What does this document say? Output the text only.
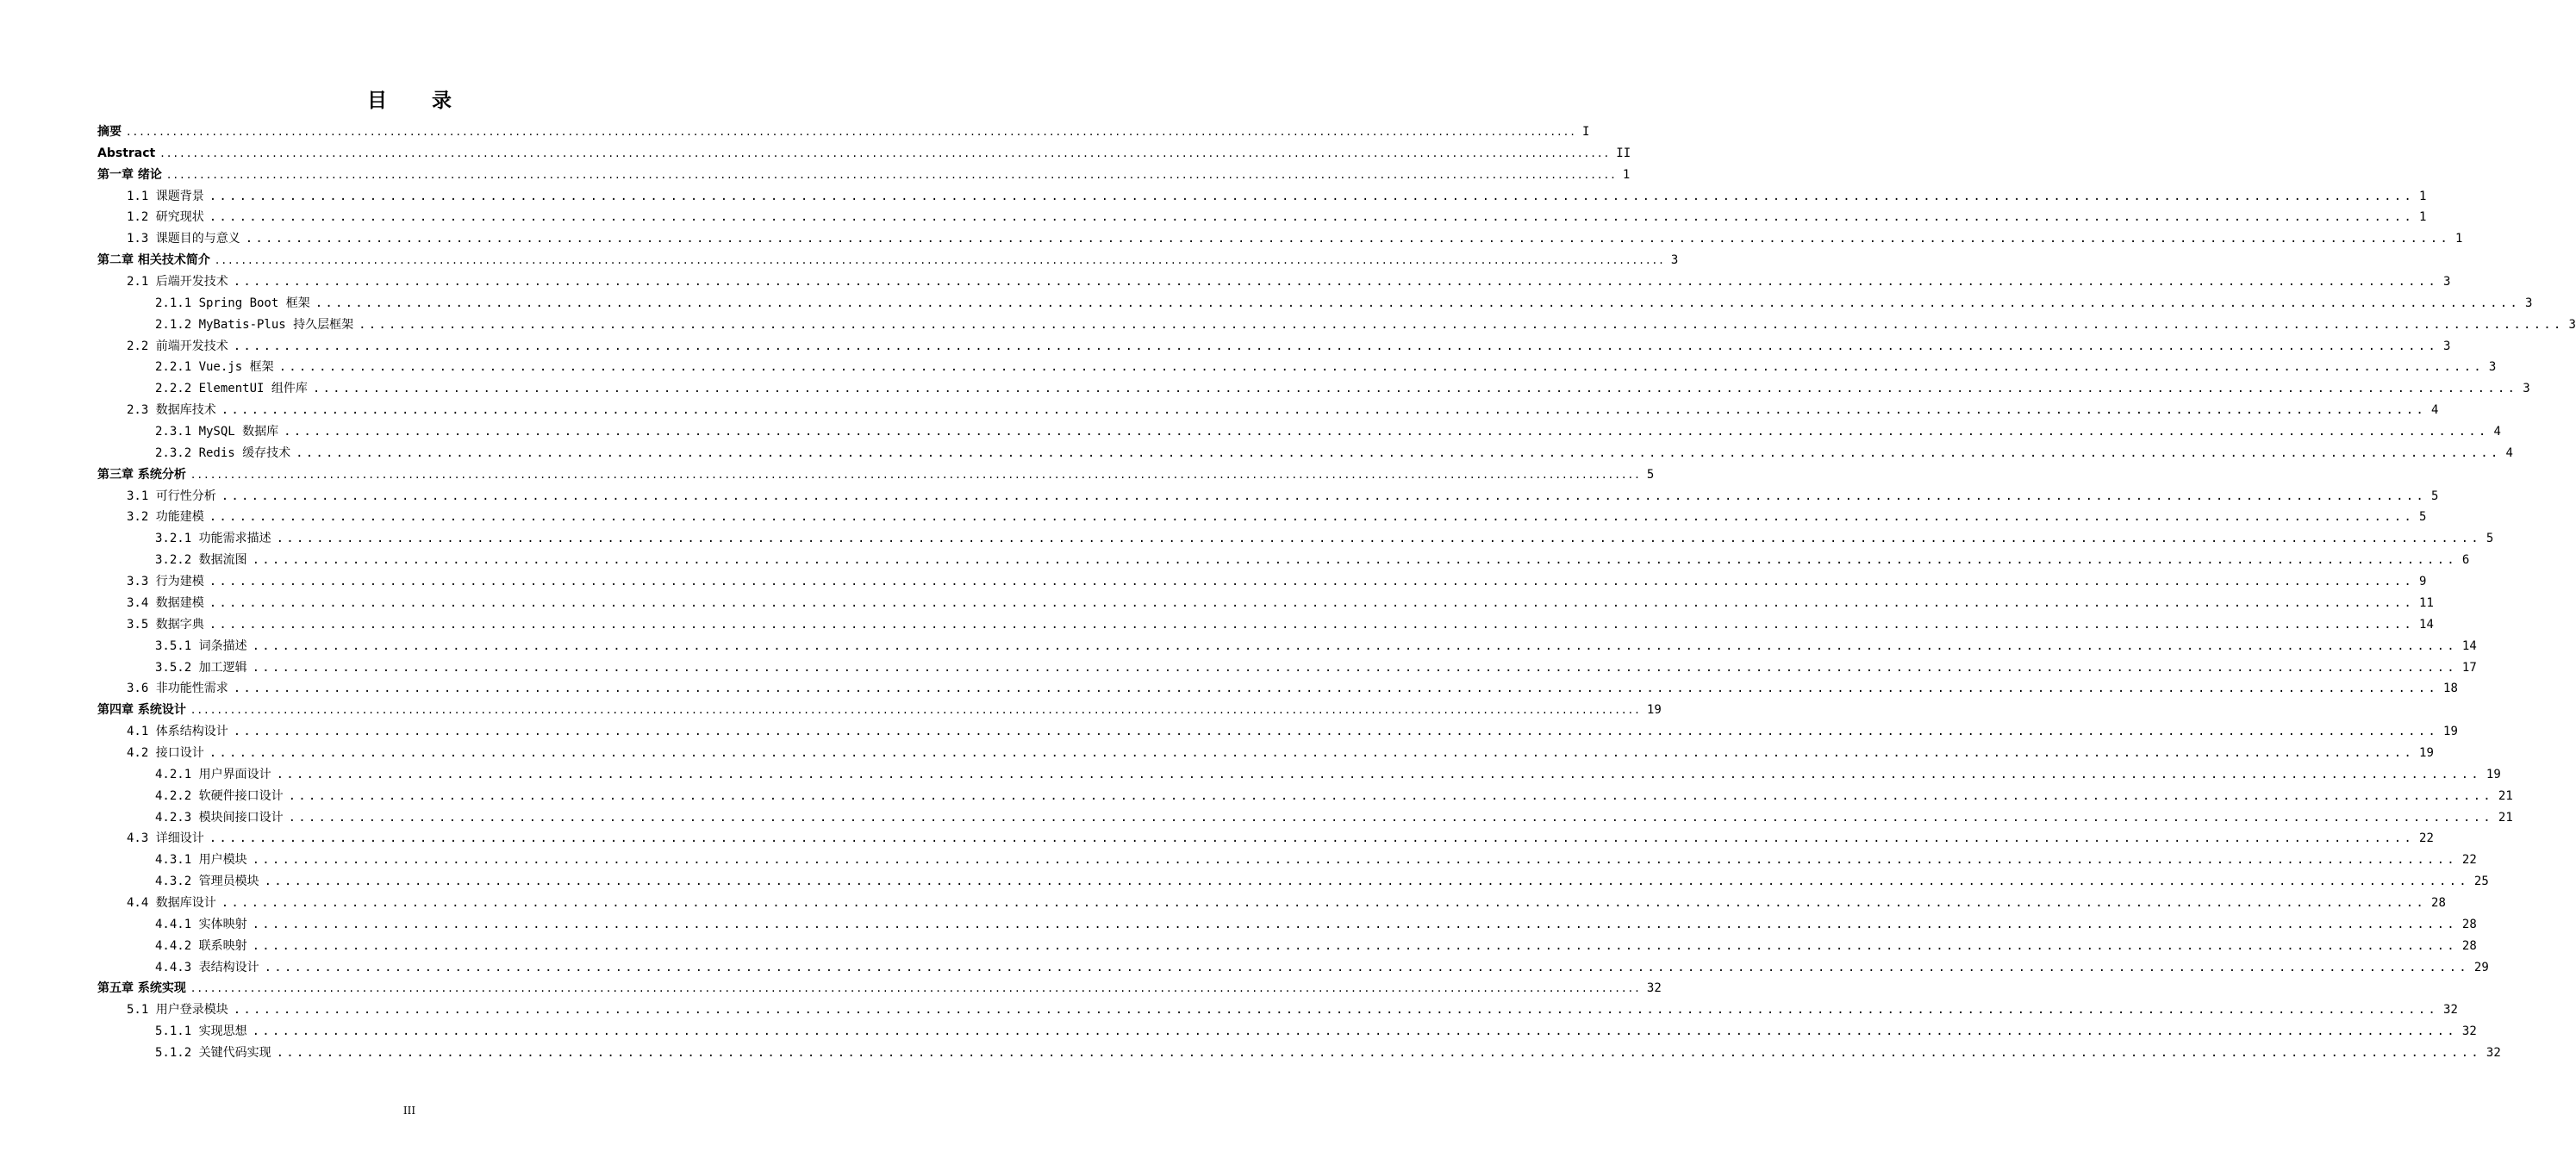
目 录
摘要 ............................................................................................................................................................................................................................ I
Abstract ............................................................................................................................................................................................................................ II
第一章 绪论 ............................................................................................................................................................................................................................ 1
1.1 课题背景 ............................................................................................................................................................................................................................ 1
1.2 研究现状 ............................................................................................................................................................................................................................ 1
1.3 课题目的与意义 ............................................................................................................................................................................................................................ 1
第二章 相关技术简介 ............................................................................................................................................................................................................................ 3
2.1 后端开发技术 ............................................................................................................................................................................................................................ 3
2.1.1 Spring Boot 框架 ............................................................................................................................................................................................................................ 3
2.1.2 MyBatis-Plus 持久层框架 ............................................................................................................................................................................................................................ 3
2.2 前端开发技术 ............................................................................................................................................................................................................................ 3
2.2.1 Vue.js 框架 ............................................................................................................................................................................................................................ 3
2.2.2 ElementUI 组件库 ............................................................................................................................................................................................................................ 3
2.3 数据库技术 ............................................................................................................................................................................................................................ 4
2.3.1 MySQL 数据库 ............................................................................................................................................................................................................................ 4
2.3.2 Redis 缓存技术 ............................................................................................................................................................................................................................ 4
第三章 系统分析 ............................................................................................................................................................................................................................ 5
3.1 可行性分析 ............................................................................................................................................................................................................................ 5
3.2 功能建模 ............................................................................................................................................................................................................................ 5
3.2.1 功能需求描述 ............................................................................................................................................................................................................................ 5
3.2.2 数据流图 ............................................................................................................................................................................................................................ 6
3.3 行为建模 ............................................................................................................................................................................................................................ 9
3.4 数据建模 ............................................................................................................................................................................................................................ 11
3.5 数据字典 ............................................................................................................................................................................................................................ 14
3.5.1 词条描述 ............................................................................................................................................................................................................................ 14
3.5.2 加工逻辑 ............................................................................................................................................................................................................................ 17
3.6 非功能性需求 ............................................................................................................................................................................................................................ 18
第四章 系统设计 ............................................................................................................................................................................................................................ 19
4.1 体系结构设计 ............................................................................................................................................................................................................................ 19
4.2 接口设计 ............................................................................................................................................................................................................................ 19
4.2.1 用户界面设计 ............................................................................................................................................................................................................................ 19
4.2.2 软硬件接口设计 ............................................................................................................................................................................................................................ 21
4.2.3 模块间接口设计 ............................................................................................................................................................................................................................ 21
4.3 详细设计 ............................................................................................................................................................................................................................ 22
4.3.1 用户模块 ............................................................................................................................................................................................................................ 22
4.3.2 管理员模块 ............................................................................................................................................................................................................................ 25
4.4 数据库设计 ............................................................................................................................................................................................................................ 28
4.4.1 实体映射 ............................................................................................................................................................................................................................ 28
4.4.2 联系映射 ............................................................................................................................................................................................................................ 28
4.4.3 表结构设计 ............................................................................................................................................................................................................................ 29
第五章 系统实现 ............................................................................................................................................................................................................................ 32
5.1 用户登录模块 ............................................................................................................................................................................................................................ 32
5.1.1 实现思想 ............................................................................................................................................................................................................................ 32
5.1.2 关键代码实现 ............................................................................................................................................................................................................................ 32
III
